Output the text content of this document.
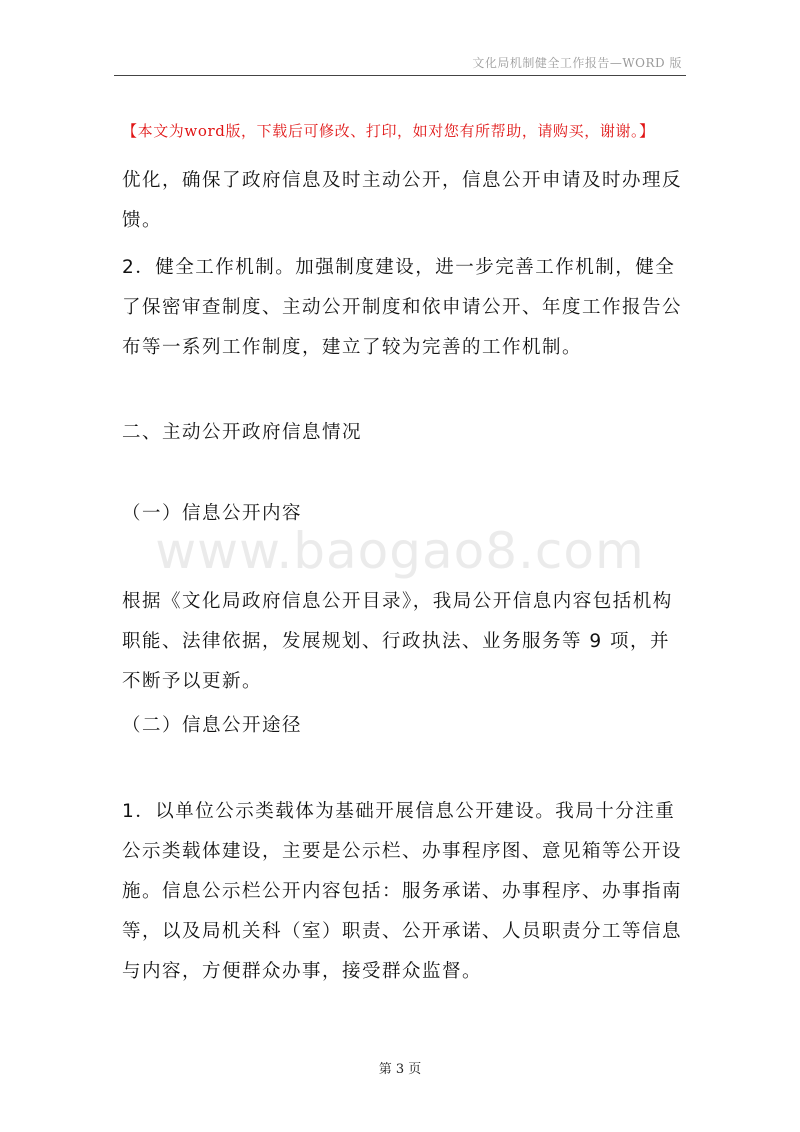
文化局机制健全工作报告—WORD 版
【本文为word版，下载后可修改、打印，如对您有所帮助，请购买，谢谢。】

优化，确保了政府信息及时主动公开，信息公开申请及时办理反馈。

2．健全工作机制。加强制度建设，进一步完善工作机制，健全了保密审查制度、主动公开制度和依申请公开、年度工作报告公布等一系列工作制度，建立了较为完善的工作机制。

二、主动公开政府信息情况

（一）信息公开内容

根据《文化局政府信息公开目录》，我局公开信息内容包括机构职能、法律依据，发展规划、行政执法、业务服务等 9 项，并不断予以更新。

（二）信息公开途径

1．以单位公示类载体为基础开展信息公开建设。我局十分注重公示类载体建设，主要是公示栏、办事程序图、意见箱等公开设施。信息公示栏公开内容包括：服务承诺、办事程序、办事指南等，以及局机关科（室）职责、公开承诺、人员职责分工等信息与内容，方便群众办事，接受群众监督。

www.baogao8.com
第 3 页
